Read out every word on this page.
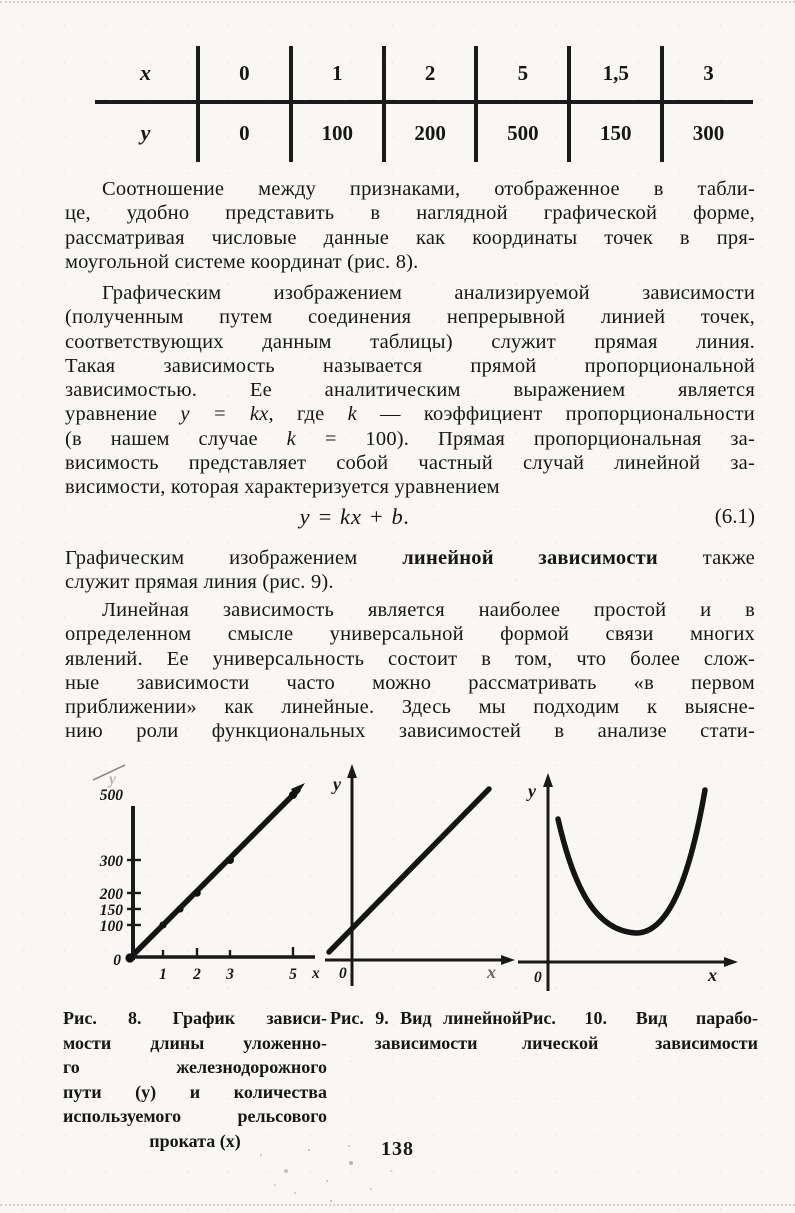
x	0	1	2	5	1,5	3
y	0	100	200	500	150	300
Соотношение между признаками, отображенное в табли-
це, удобно представить в наглядной графической форме,
рассматривая числовые данные как координаты точек в пря-
моугольной системе координат (рис. 8).
Графическим изображением анализируемой зависимости
(полученным путем соединения непрерывной линией точек,
соответствующих данным таблицы) служит прямая линия.
Такая зависимость называется прямой пропорциональной
зависимостью. Ее аналитическим выражением является
уравнение y = kx, где k — коэффициент пропорциональности
(в нашем случае k = 100). Прямая пропорциональная за-
висимость представляет собой частный случай линейной за-
висимости, которая характеризуется уравнением
y = kx + b.	(6.1)
Графическим изображением линейной зависимости также
служит прямая линия (рис. 9).
Линейная зависимость является наиболее простой и в
определенном смысле универсальной формой связи многих
явлений. Ее универсальность состоит в том, что более слож-
ные зависимости часто можно рассматривать «в первом
приближении» как линейные. Здесь мы подходим к выясне-
нию роли функциональных зависимостей в анализе стати-
y
500
300
200
150
100
0
1 2 3	5 x
y
0	x
y
0	x
Рис. 8. График зависи-
мости длины уложенно-
го железнодорожного
пути (у) и количества
используемого рельсового
проката (х)
Рис. 9. Вид линейной
зависимости
Рис. 10. Вид парабо-
лической зависимости
138
